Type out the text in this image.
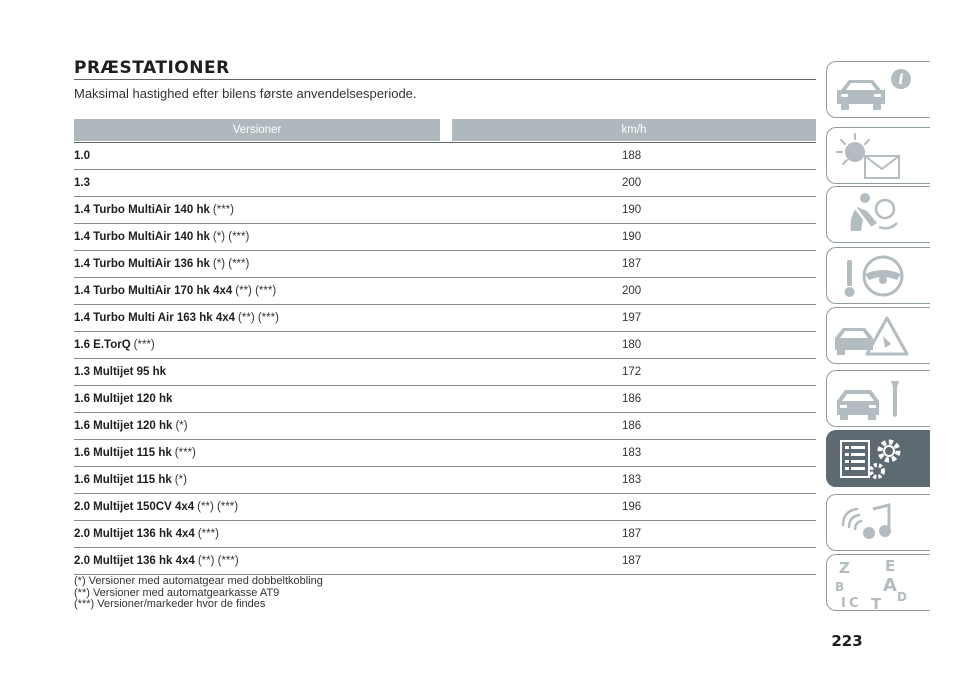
PRÆSTATIONER

Maksimal hastighed efter bilens første anvendelsesperiode.

Versioner	km/h
1.0	188
1.3	200
1.4 Turbo MultiAir 140 hk (***)	190
1.4 Turbo MultiAir 140 hk (*) (***)	190
1.4 Turbo MultiAir 136 hk (*) (***)	187
1.4 Turbo MultiAir 170 hk 4x4 (**) (***)	200
1.4 Turbo Multi Air 163 hk 4x4 (**) (***)	197
1.6 E.TorQ (***)	180
1.3 Multijet 95 hk	172
1.6 Multijet 120 hk	186
1.6 Multijet 120 hk (*)	186
1.6 Multijet 115 hk (***)	183
1.6 Multijet 115 hk (*)	183
2.0 Multijet 150CV 4x4 (**) (***)	196
2.0 Multijet 136 hk 4x4 (***)	187
2.0 Multijet 136 hk 4x4 (**) (***)	187
(*) Versioner med automatgear med dobbeltkobling
(**) Versioner med automatgearkasse AT9
(***) Versioner/markeder hvor de findes
223
i
Z E
B A
I C T D
